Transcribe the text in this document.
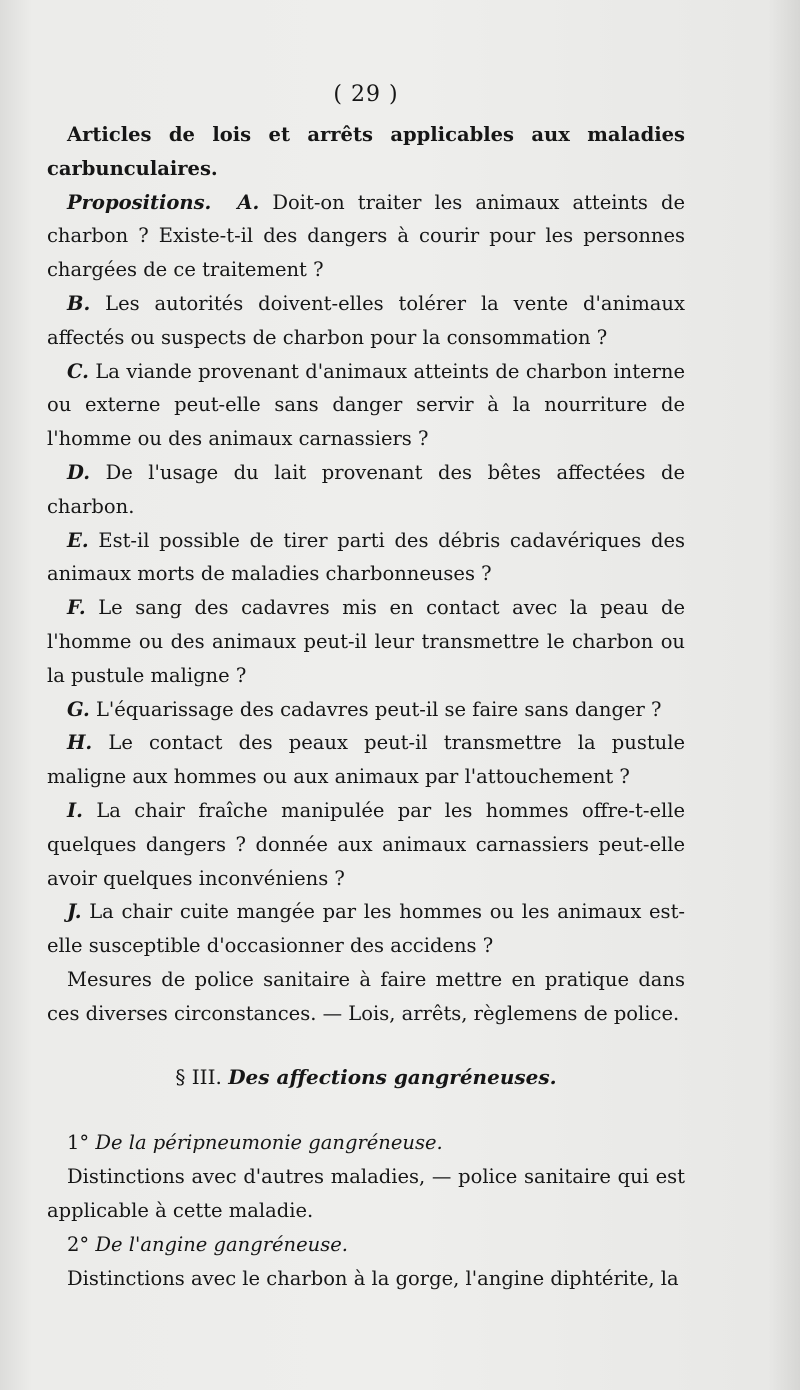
( 29 )

Articles de lois et arrêts applicables aux maladies carbunculaires.

Propositions. A. Doit-on traiter les animaux atteints de charbon ? Existe-t-il des dangers à courir pour les personnes chargées de ce traitement ?

B. Les autorités doivent-elles tolérer la vente d'animaux affectés ou suspects de charbon pour la consommation ?

C. La viande provenant d'animaux atteints de charbon interne ou externe peut-elle sans danger servir à la nourriture de l'homme ou des animaux carnassiers ?

D. De l'usage du lait provenant des bêtes affectées de charbon.

E. Est-il possible de tirer parti des débris cadavériques des animaux morts de maladies charbonneuses ?

F. Le sang des cadavres mis en contact avec la peau de l'homme ou des animaux peut-il leur transmettre le charbon ou la pustule maligne ?

G. L'équarissage des cadavres peut-il se faire sans danger ?

H. Le contact des peaux peut-il transmettre la pustule maligne aux hommes ou aux animaux par l'attouchement ?

I. La chair fraîche manipulée par les hommes offre-t-elle quelques dangers ? donnée aux animaux carnassiers peut-elle avoir quelques inconvéniens ?

J. La chair cuite mangée par les hommes ou les animaux est-elle susceptible d'occasionner des accidens ?

Mesures de police sanitaire à faire mettre en pratique dans ces diverses circonstances. — Lois, arrêts, règlemens de police.

§ III. Des affections gangréneuses.

1° De la péripneumonie gangréneuse.

Distinctions avec d'autres maladies, — police sanitaire qui est applicable à cette maladie.

2° De l'angine gangréneuse.

Distinctions avec le charbon à la gorge, l'angine diphtérite, la
